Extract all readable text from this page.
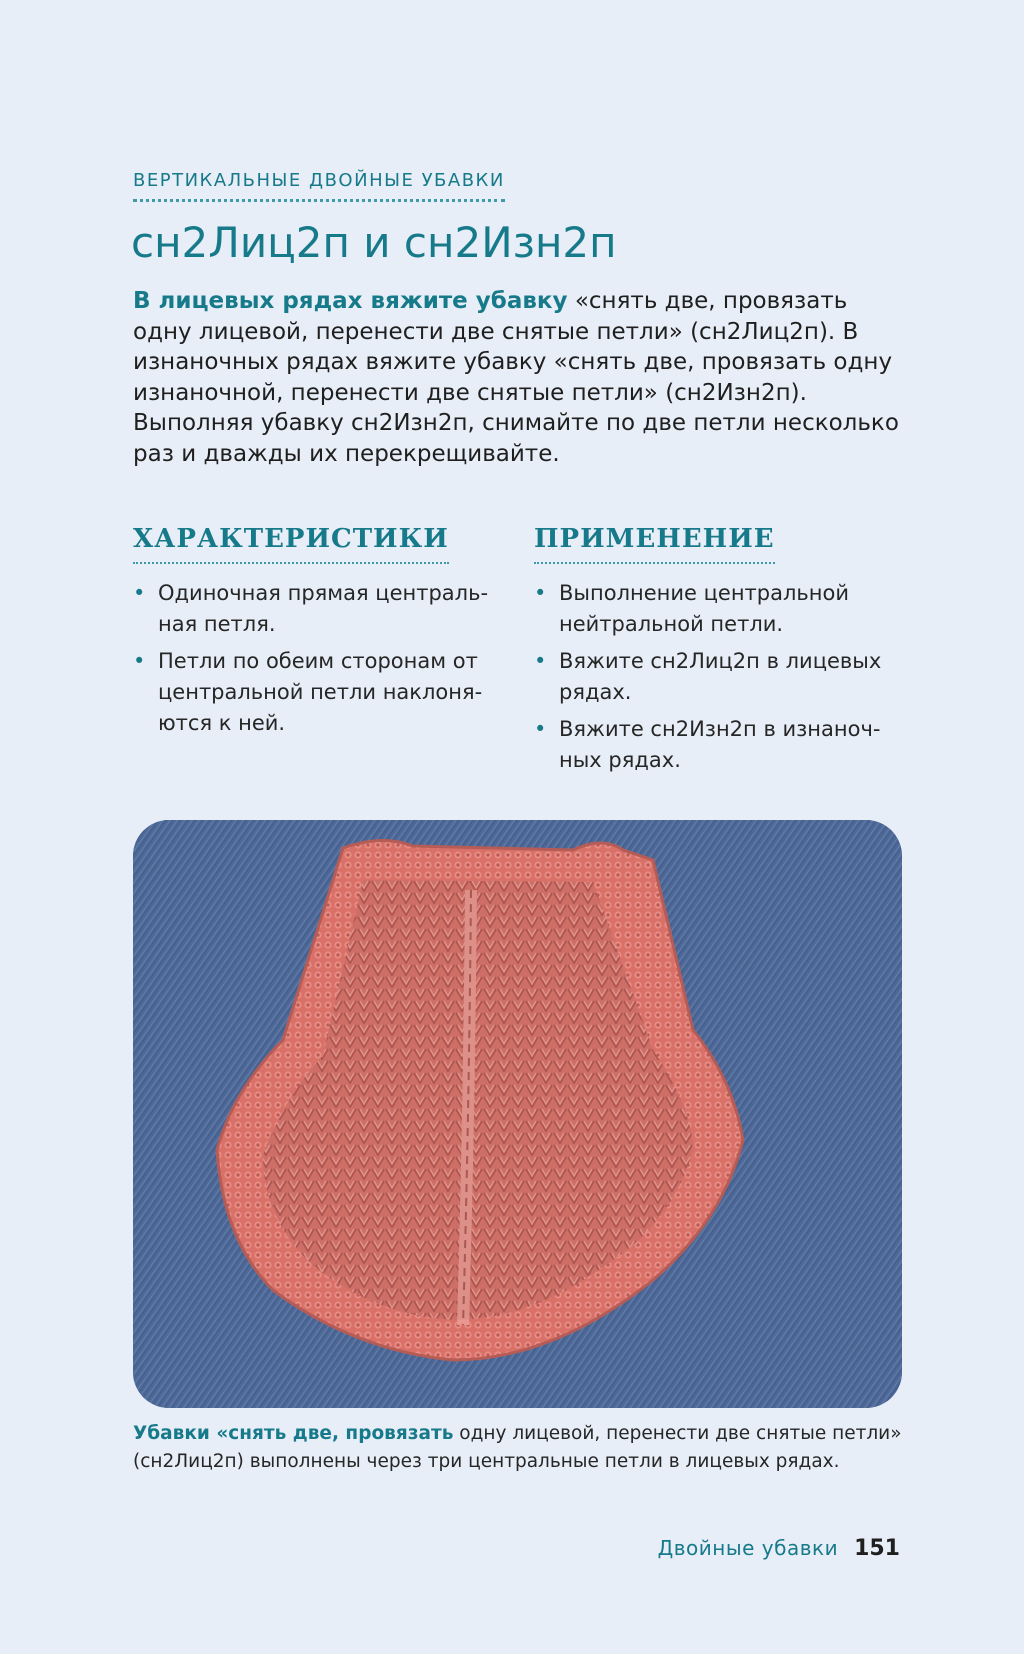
ВЕРТИКАЛЬНЫЕ ДВОЙНЫЕ УБАВКИ
сн2Лиц2п и сн2Изн2п

В лицевых рядах вяжите убавку «снять две, провязать одну лицевой, перенести две снятые петли» (сн2Лиц2п). В изнаночных рядах вяжите убавку «снять две, провязать одну изнаночной, перенести две снятые петли» (сн2Изн2п). Выполняя убавку сн2Изн2п, снимайте по две петли несколько раз и дважды их перекрещивайте.

ХАРАКТЕРИСТИКИ
• Одиночная прямая центральная петля.
• Петли по обеим сторонам от центральной петли наклоняются к ней.
ПРИМЕНЕНИЕ
• Выполнение центральной нейтральной петли.
• Вяжите сн2Лиц2п в лицевых рядах.
• Вяжите сн2Изн2п в изнаночных рядах.

Убавки «снять две, провязать одну лицевой, перенести две снятые петли» (сн2Лиц2п) выполнены через три центральные петли в лицевых рядах.

Двойные убавки 151
